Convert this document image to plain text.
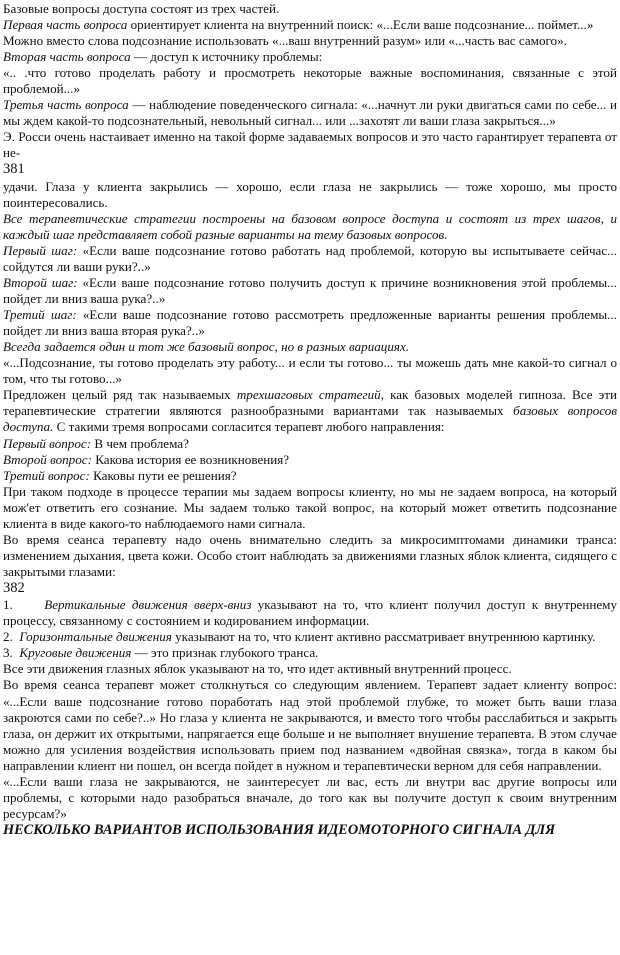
Базовые вопросы доступа состоят из трех частей.

Первая часть вопроса ориентирует клиента на внутренний поиск: «...Если ваше подсознание... поймет...»

Можно вместо слова подсознание использовать «...ваш внутренний разум» или «...часть вас самого».

Вторая часть вопроса — доступ к источнику проблемы:

«.. .что готово проделать работу и просмотреть некоторые важные воспоминания, связанные с этой проблемой...»

Третья часть вопроса — наблюдение поведенческого сигнала: «...начнут ли руки двигаться сами по себе... и мы ждем какой-то подсознательный, невольный сигнал... или ...захотят ли ваши глаза закрыться...»

Э. Росси очень настаивает именно на такой форме задаваемых вопросов и это часто гарантирует терапевта от не-

381

удачи. Глаза у клиента закрылись — хорошо, если глаза не закрылись — тоже хорошо, мы просто поинтересовались.

Все терапевтические стратегии построены на базовом вопросе доступа и состоят из трех шагов, и каждый шаг представляет собой разные варианты на тему базовых вопросов.

Первый шаг: «Если ваше подсознание готово работать над проблемой, которую вы испытываете сейчас... сойдутся ли ваши руки?..»

Второй шаг: «Если ваше подсознание готово получить доступ к причине возникновения этой проблемы... пойдет ли вниз ваша рука?..»

Третий шаг: «Если ваше подсознание готово рассмотреть предложенные варианты решения проблемы... пойдет ли вниз ваша вторая рука?..»

Всегда задается один и тот же базовый вопрос, но в разных вариациях.

«...Подсознание, ты готово проделать эту работу... и если ты готово... ты можешь дать мне какой-то сигнал о том, что ты готово...»

Предложен целый ряд так называемых трехшаговых стратегий, как базовых моделей гипноза. Все эти терапевтические стратегии являются разнообразными вариантами так называемых базовых вопросов доступа. С такими тремя вопросами согласится терапевт любого направления:

Первый вопрос: В чем проблема?

Второй вопрос: Какова история ее возникновения?

Третий вопрос: Каковы пути ее решения?

При таком подходе в процессе терапии мы задаем вопросы клиенту, но мы не задаем вопроса, на который мож'ет ответить его сознание. Мы задаем только такой вопрос, на который может ответить подсознание клиента в виде какого-то наблюдаемого нами сигнала.

Во время сеанса терапевту надо очень внимательно следить за микросимптомами динамики транса: изменением дыхания, цвета кожи. Особо стоит наблюдать за движениями глазных яблок клиента, сидящего с закрытыми глазами:

382

1.     Вертикальные движения вверх-вниз указывают на то, что клиент получил доступ к внутреннему процессу, связанному с состоянием и кодированием информации.

2.  Горизонтальные движения указывают на то, что клиент активно рассматривает внутреннюю картинку.

3.  Круговые движения — это признак глубокого транса.

Все эти движения глазных яблок указывают на то, что идет активный внутренний процесс.

Во время сеанса терапевт может столкнуться со следующим явлением. Терапевт задает клиенту вопрос: «...Если ваше подсознание готово поработать над этой проблемой глубже, то может быть ваши глаза закроются сами по себе?..» Но глаза у клиента не закрываются, и вместо того чтобы расслабиться и закрыть глаза, он держит их открытыми, напрягается еще больше и не выполняет внушение терапевта. В этом случае можно для усиления воздействия использовать прием под названием «двойная связка», тогда в каком бы направлении клиент ни пошел, он всегда пойдет в нужном и терапевтически верном для себя направлении.

«...Если ваши глаза не закрываются, не заинтересует ли вас, есть ли внутри вас другие вопросы или проблемы, с которыми надо разобраться вначале, до того как вы получите доступ к своим внутренним ресурсам?»

НЕСКОЛЬКО ВАРИАНТОВ ИСПОЛЬЗОВАНИЯ ИДЕОМОТОРНОГО СИГНАЛА ДЛЯ
